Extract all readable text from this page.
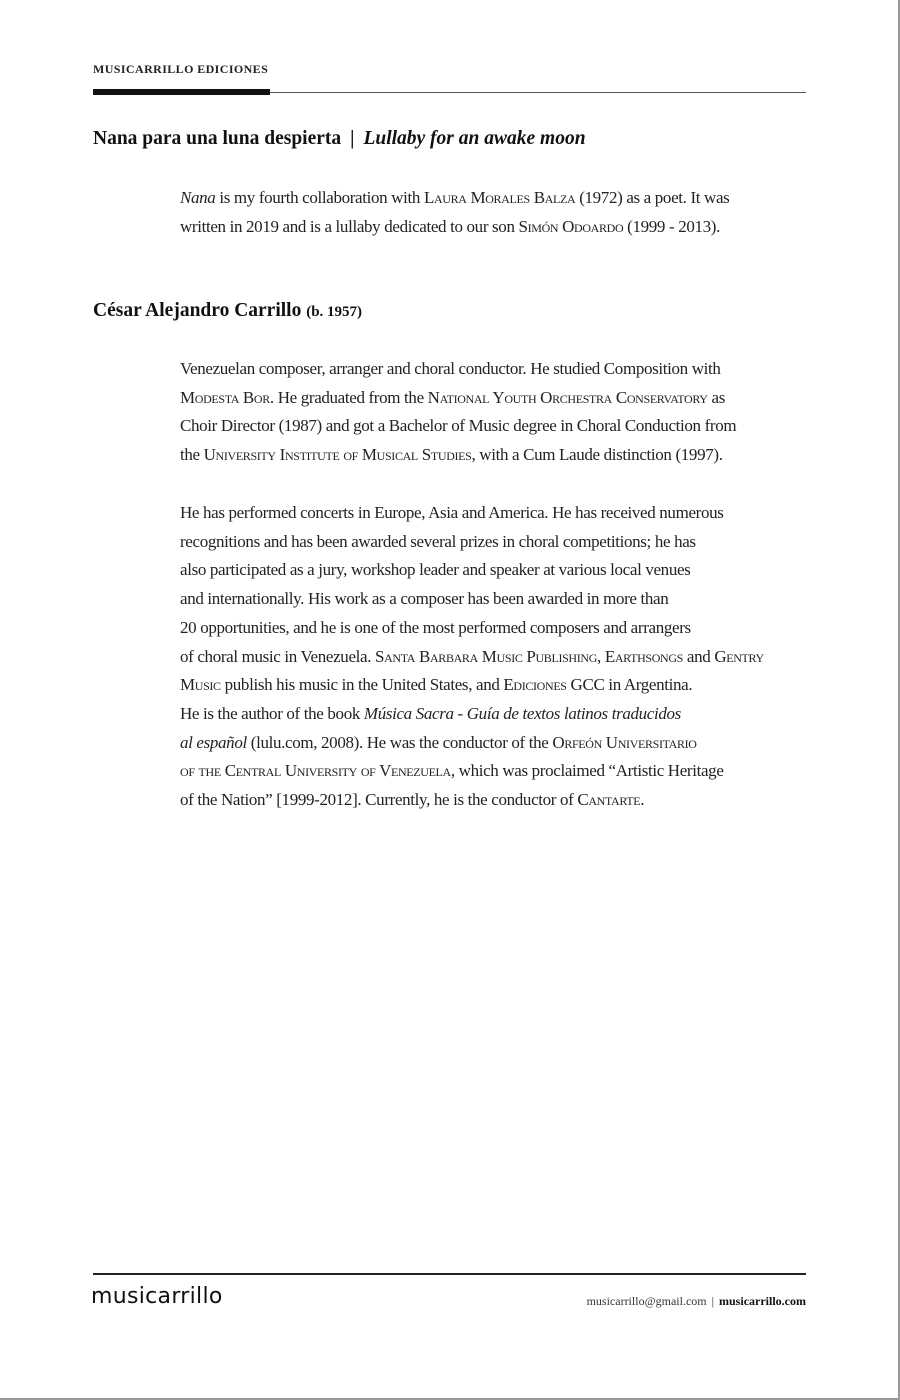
MUSICARRILLO EDICIONES
Nana para una luna despierta | Lullaby for an awake moon
Nana is my fourth collaboration with Laura Morales Balza (1972) as a poet. It was
written in 2019 and is a lullaby dedicated to our son Simón Odoardo (1999 - 2013).
César Alejandro Carrillo (b. 1957)
Venezuelan composer, arranger and choral conductor. He studied Composition with
Modesta Bor. He graduated from the National Youth Orchestra Conservatory as
Choir Director (1987) and got a Bachelor of Music degree in Choral Conduction from
the University Institute of Musical Studies, with a Cum Laude distinction (1997).
He has performed concerts in Europe, Asia and America. He has received numerous
recognitions and has been awarded several prizes in choral competitions; he has
also participated as a jury, workshop leader and speaker at various local venues
and internationally. His work as a composer has been awarded in more than
20 opportunities, and he is one of the most performed composers and arrangers
of choral music in Venezuela. Santa Barbara Music Publishing, Earthsongs and Gentry
Music publish his music in the United States, and Ediciones GCC in Argentina.
He is the author of the book Música Sacra - Guía de textos latinos traducidos
al español (lulu.com, 2008). He was the conductor of the Orfeón Universitario
of the Central University of Venezuela, which was proclaimed “Artistic Heritage
of the Nation” [1999-2012]. Currently, he is the conductor of Cantarte.
musicarrillo	musicarrillo@gmail.com | musicarrillo.com
